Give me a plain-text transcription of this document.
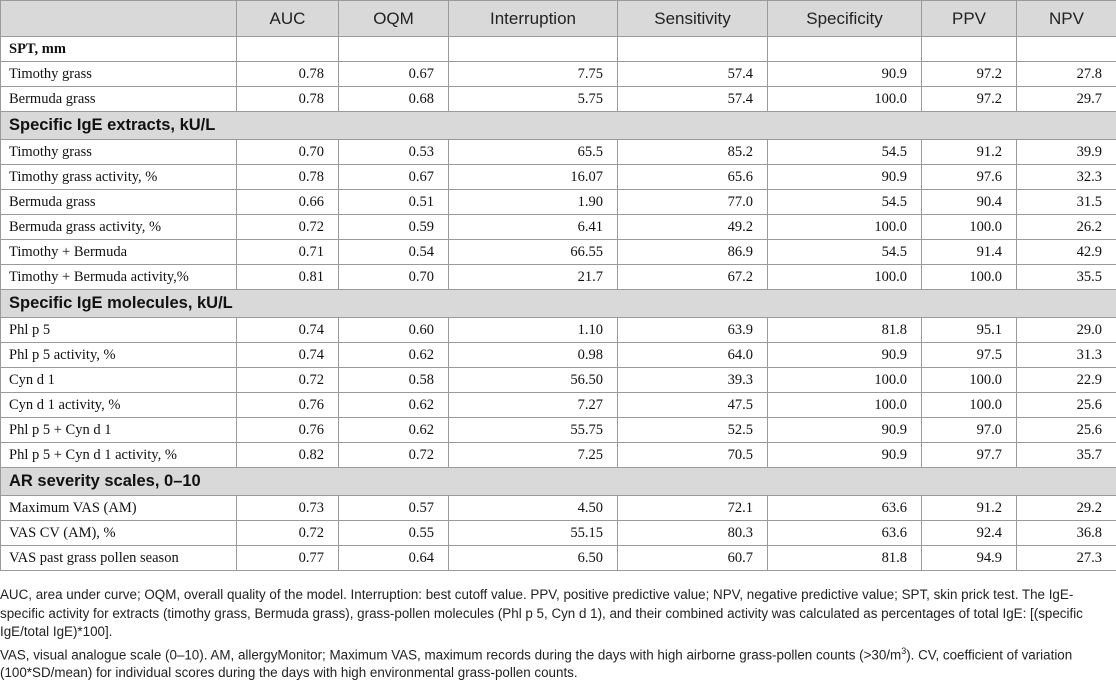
	AUC	OQM	Interruption	Sensitivity	Specificity	PPV	NPV
SPT, mm							
Timothy grass	0.78	0.67	7.75	57.4	90.9	97.2	27.8
Bermuda grass	0.78	0.68	5.75	57.4	100.0	97.2	29.7
Specific IgE extracts, kU/L							
Timothy grass	0.70	0.53	65.5	85.2	54.5	91.2	39.9
Timothy grass activity, %	0.78	0.67	16.07	65.6	90.9	97.6	32.3
Bermuda grass	0.66	0.51	1.90	77.0	54.5	90.4	31.5
Bermuda grass activity, %	0.72	0.59	6.41	49.2	100.0	100.0	26.2
Timothy + Bermuda	0.71	0.54	66.55	86.9	54.5	91.4	42.9
Timothy + Bermuda activity,%	0.81	0.70	21.7	67.2	100.0	100.0	35.5
Specific IgE molecules, kU/L							
Phl p 5	0.74	0.60	1.10	63.9	81.8	95.1	29.0
Phl p 5 activity, %	0.74	0.62	0.98	64.0	90.9	97.5	31.3
Cyn d 1	0.72	0.58	56.50	39.3	100.0	100.0	22.9
Cyn d 1 activity, %	0.76	0.62	7.27	47.5	100.0	100.0	25.6
Phl p 5 + Cyn d 1	0.76	0.62	55.75	52.5	90.9	97.0	25.6
Phl p 5 + Cyn d 1 activity, %	0.82	0.72	7.25	70.5	90.9	97.7	35.7
AR severity scales, 0–10							
Maximum VAS (AM)	0.73	0.57	4.50	72.1	63.6	91.2	29.2
VAS CV (AM), %	0.72	0.55	55.15	80.3	63.6	92.4	36.8
VAS past grass pollen season	0.77	0.64	6.50	60.7	81.8	94.9	27.3

AUC, area under curve; OQM, overall quality of the model. Interruption: best cutoff value. PPV, positive predictive value; NPV, negative predictive value; SPT, skin prick test. The IgE-specific activity for extracts (timothy grass, Bermuda grass), grass-pollen molecules (Phl p 5, Cyn d 1), and their combined activity was calculated as percentages of total IgE: [(specific IgE/total IgE)*100].

VAS, visual analogue scale (0–10). AM, allergyMonitor; Maximum VAS, maximum records during the days with high airborne grass-pollen counts $(>30/m^3)$. CV, coefficient of variation (100*SD/mean) for individual scores during the days with high environmental grass-pollen counts.
